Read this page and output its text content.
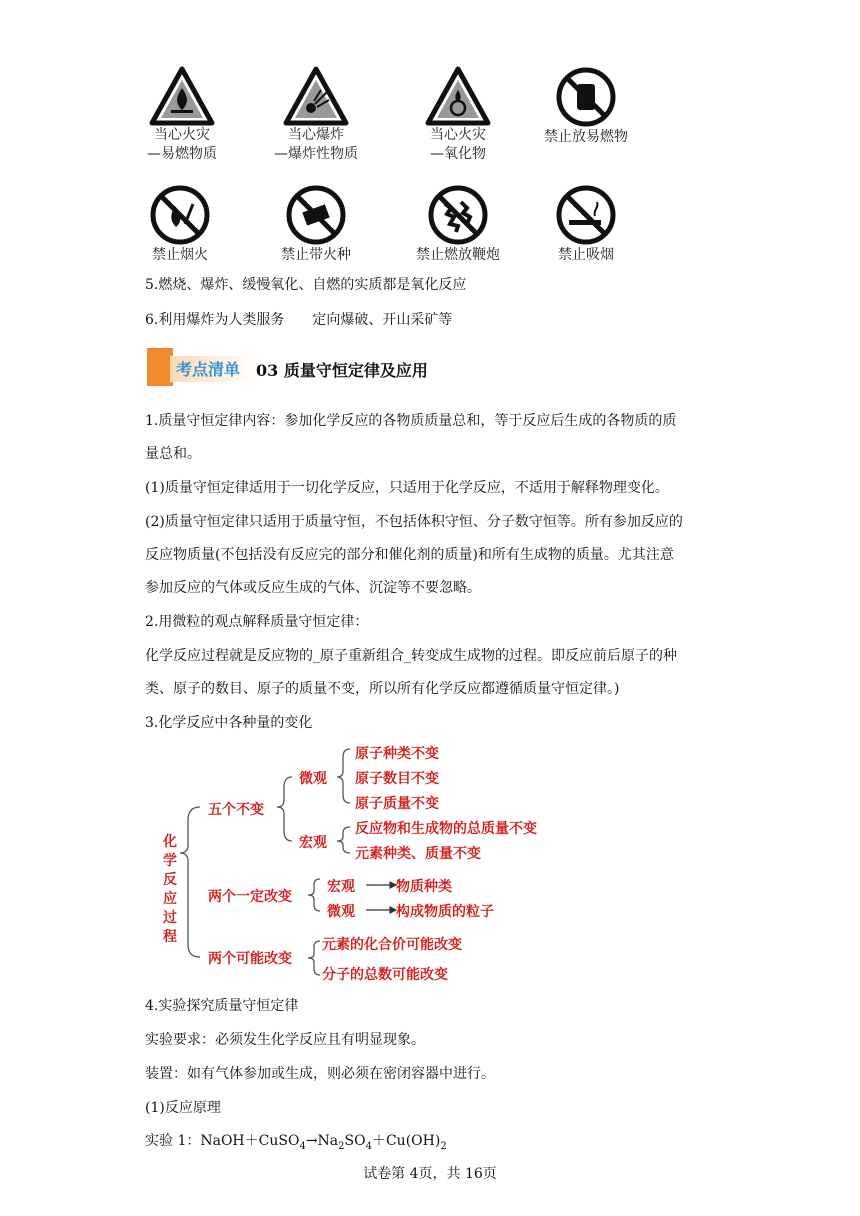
当心火灾
—易燃物质
当心爆炸
—爆炸性物质
当心火灾
—氧化物
禁止放易燃物
禁止烟火	禁止带火种	禁止燃放鞭炮	禁止吸烟
5.燃烧、爆炸、缓慢氧化、自燃的实质都是氧化反应
6.利用爆炸为人类服务　　定向爆破、开山采矿等
考点清单 03 质量守恒定律及应用
1.质量守恒定律内容：参加化学反应的各物质质量总和，等于反应后生成的各物质的质
量总和。
(1)质量守恒定律适用于一切化学反应，只适用于化学反应，不适用于解释物理变化。
(2)质量守恒定律只适用于质量守恒，不包括体积守恒、分子数守恒等。所有参加反应的
反应物质量(不包括没有反应完的部分和催化剂的质量)和所有生成物的质量。尤其注意
参加反应的气体或反应生成的气体、沉淀等不要忽略。
2.用微粒的观点解释质量守恒定律：
化学反应过程就是反应物的_原子重新组合_转变成生成物的过程。即反应前后原子的种
类、原子的数目、原子的质量不变，所以所有化学反应都遵循质量守恒定律。)
3.化学反应中各种量的变化
化
学
反
应
过
程
五个不变
微观
宏观
原子种类不变
原子数目不变
原子质量不变
反应物和生成物的总质量不变
元素种类、质量不变
两个一定改变
宏观
微观
物质种类
构成物质的粒子
两个可能改变
元素的化合价可能改变
分子的总数可能改变
4.实验探究质量守恒定律
实验要求：必须发生化学反应且有明显现象。
装置：如有气体参加或生成，则必须在密闭容器中进行。
(1)反应原理
实验 1：$NaOH+CuSO_4\to Na_2SO_4+Cu(OH)_2$
试卷第 4页，共 16页
